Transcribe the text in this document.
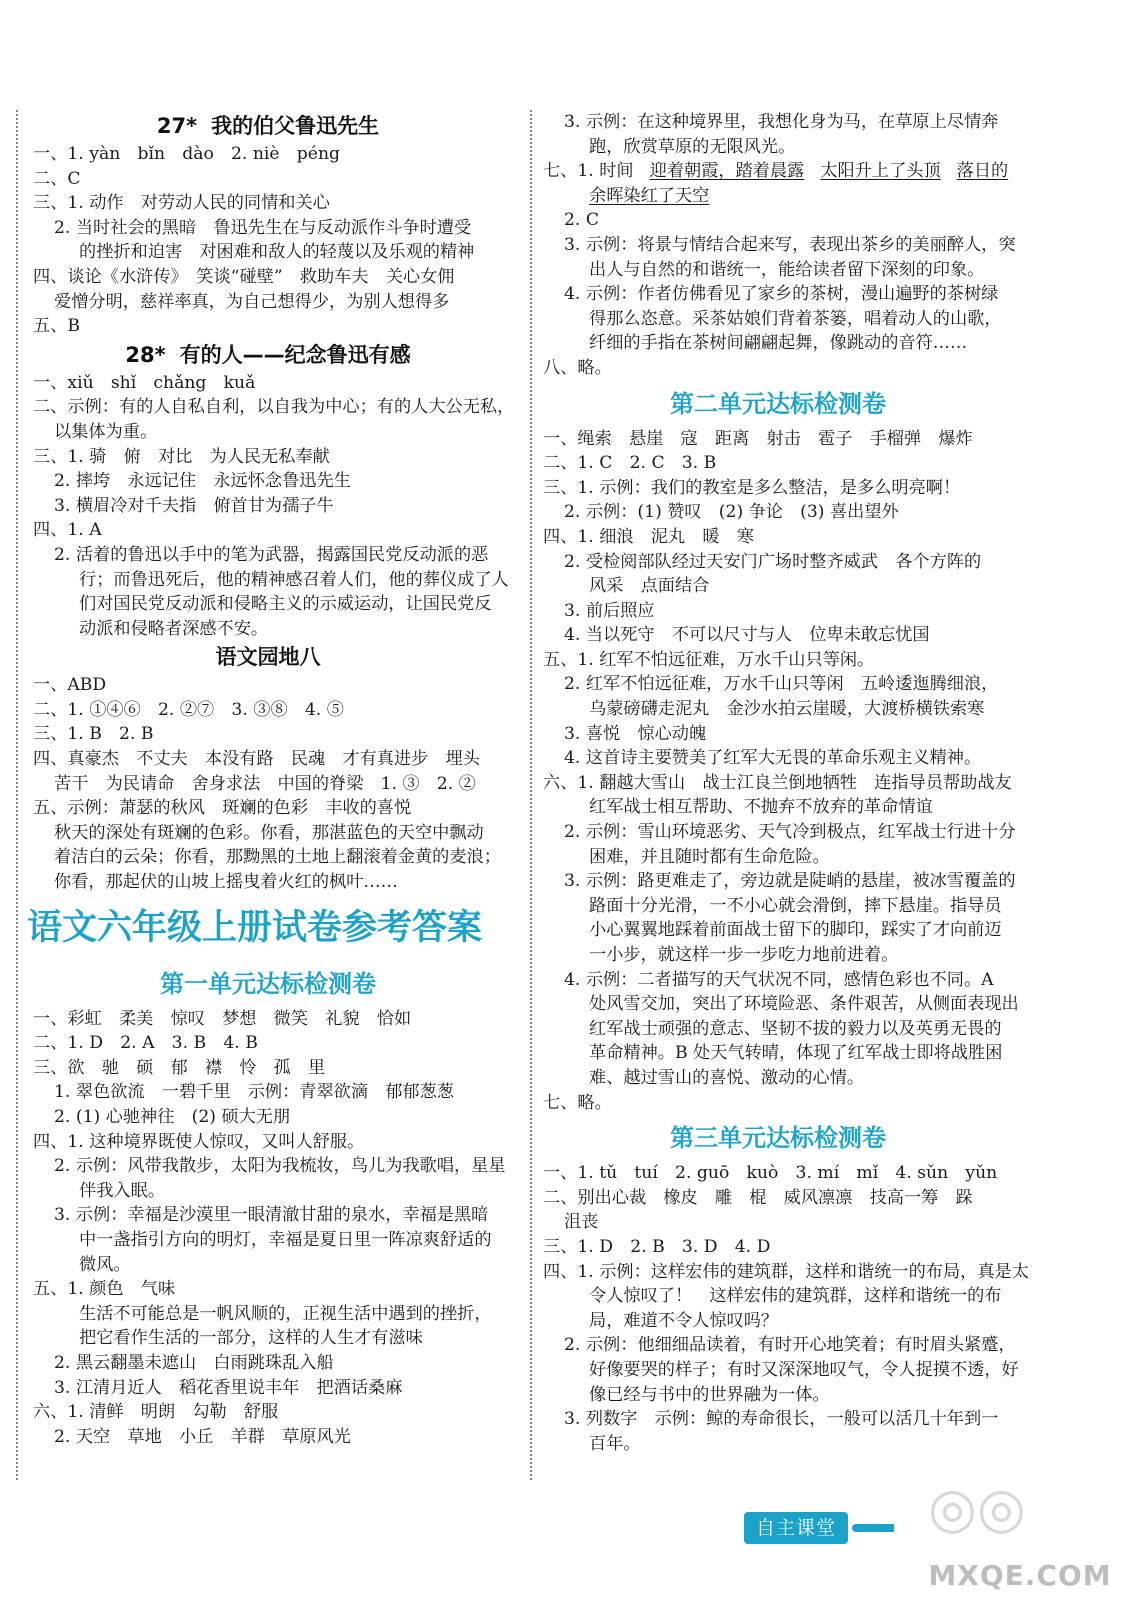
27* 我的伯父鲁迅先生
一、1. yàn　bǐn　dào　2. niè　péng
二、C
三、1. 动作　对劳动人民的同情和关心
2. 当时社会的黑暗　鲁迅先生在与反动派作斗争时遭受
的挫折和迫害　对困难和敌人的轻蔑以及乐观的精神
四、谈论《水浒传》　笑谈“碰壁”　救助车夫　关心女佣
爱憎分明，慈祥率真，为自己想得少，为别人想得多
五、B
28* 有的人——纪念鲁迅有感
一、xiǔ　shǐ　chǎng　kuǎ
二、示例：有的人自私自利，以自我为中心；有的人大公无私，
以集体为重。
三、1. 骑　俯　对比　为人民无私奉献
2. 摔垮　永远记住　永远怀念鲁迅先生
3. 横眉冷对千夫指　俯首甘为孺子牛
四、1. A
2. 活着的鲁迅以手中的笔为武器，揭露国民党反动派的恶
行；而鲁迅死后，他的精神感召着人们，他的葬仪成了人
们对国民党反动派和侵略主义的示威运动，让国民党反
动派和侵略者深感不安。
语文园地八
一、ABD
二、1. ①④⑥　2. ②⑦　3. ③⑧　4. ⑤
三、1. B　2. B
四、真豪杰　不丈夫　本没有路　民魂　才有真进步　埋头
苦干　为民请命　舍身求法　中国的脊梁　1. ③　2. ②
五、示例：萧瑟的秋风　斑斓的色彩　丰收的喜悦
秋天的深处有斑斓的色彩。你看，那湛蓝色的天空中飘动
着洁白的云朵；你看，那黝黑的土地上翻滚着金黄的麦浪；
你看，那起伏的山坡上摇曳着火红的枫叶……
语文六年级上册试卷参考答案
第一单元达标检测卷
一、彩虹　柔美　惊叹　梦想　微笑　礼貌　恰如
二、1. D　2. A　3. B　4. B
三、欲　驰　硕　郁　襟　怜　孤　里
1. 翠色欲流　一碧千里　示例：青翠欲滴　郁郁葱葱
2. (1) 心驰神往　(2) 硕大无朋
四、1. 这种境界既使人惊叹，又叫人舒服。
2. 示例：风带我散步，太阳为我梳妆，鸟儿为我歌唱，星星
伴我入眠。
3. 示例：幸福是沙漠里一眼清澈甘甜的泉水，幸福是黑暗
中一盏指引方向的明灯，幸福是夏日里一阵凉爽舒适的
微风。
五、1. 颜色　气味
生活不可能总是一帆风顺的，正视生活中遇到的挫折，
把它看作生活的一部分，这样的人生才有滋味
2. 黑云翻墨未遮山　白雨跳珠乱入船
3. 江清月近人　稻花香里说丰年　把酒话桑麻
六、1. 清鲜　明朗　勾勒　舒服
2. 天空　草地　小丘　羊群　草原风光
3. 示例：在这种境界里，我想化身为马，在草原上尽情奔
跑，欣赏草原的无限风光。
七、1. 时间 迎着朝霞，踏着晨露 太阳升上了头顶 落日的
余晖染红了天空
2. C
3. 示例：将景与情结合起来写，表现出茶乡的美丽醉人，突
出人与自然的和谐统一，能给读者留下深刻的印象。
4. 示例：作者仿佛看见了家乡的茶树，漫山遍野的茶树绿
得那么恣意。采茶姑娘们背着茶篓，唱着动人的山歌，
纤细的手指在茶树间翩翩起舞，像跳动的音符……
八、略。
第二单元达标检测卷
一、绳索　悬崖　寇　距离　射击　雹子　手榴弹　爆炸
二、1. C　2. C　3. B
三、1. 示例：我们的教室是多么整洁，是多么明亮啊！
2. 示例：(1) 赞叹　(2) 争论　(3) 喜出望外
四、1. 细浪　泥丸　暖　寒
2. 受检阅部队经过天安门广场时整齐威武　各个方阵的
风采　点面结合
3. 前后照应
4. 当以死守　不可以尺寸与人　位卑未敢忘忧国
五、1. 红军不怕远征难，万水千山只等闲。
2. 红军不怕远征难，万水千山只等闲　五岭逶迤腾细浪，
乌蒙磅礴走泥丸　金沙水拍云崖暖，大渡桥横铁索寒
3. 喜悦　惊心动魄
4. 这首诗主要赞美了红军大无畏的革命乐观主义精神。
六、1. 翻越大雪山　战士江良兰倒地牺牲　连指导员帮助战友
红军战士相互帮助、不抛弃不放弃的革命情谊
2. 示例：雪山环境恶劣、天气冷到极点，红军战士行进十分
困难，并且随时都有生命危险。
3. 示例：路更难走了，旁边就是陡峭的悬崖，被冰雪覆盖的
路面十分光滑，一不小心就会滑倒，摔下悬崖。指导员
小心翼翼地踩着前面战士留下的脚印，踩实了才向前迈
一小步，就这样一步一步吃力地前进着。
4. 示例：二者描写的天气状况不同，感情色彩也不同。A
处风雪交加，突出了环境险恶、条件艰苦，从侧面表现出
红军战士顽强的意志、坚韧不拔的毅力以及英勇无畏的
革命精神。B 处天气转晴，体现了红军战士即将战胜困
难、越过雪山的喜悦、激动的心情。
七、略。
第三单元达标检测卷
一、1. tǔ　tuí　2. guō　kuò　3. mí　mǐ　4. sǔn　yǔn
二、别出心裁　橡皮　雕　棍　威风凛凛　技高一筹　跺
沮丧
三、1. D　2. B　3. D　4. D
四、1. 示例：这样宏伟的建筑群，这样和谐统一的布局，真是太
令人惊叹了！　这样宏伟的建筑群，这样和谐统一的布
局，难道不令人惊叹吗？
2. 示例：他细细品读着，有时开心地笑着；有时眉头紧蹙，
好像要哭的样子；有时又深深地叹气，令人捉摸不透，好
像已经与书中的世界融为一体。
3. 列数字　示例：鲸的寿命很长，一般可以活几十年到一
百年。
自主课堂 ◎◎
MXQE.COM
